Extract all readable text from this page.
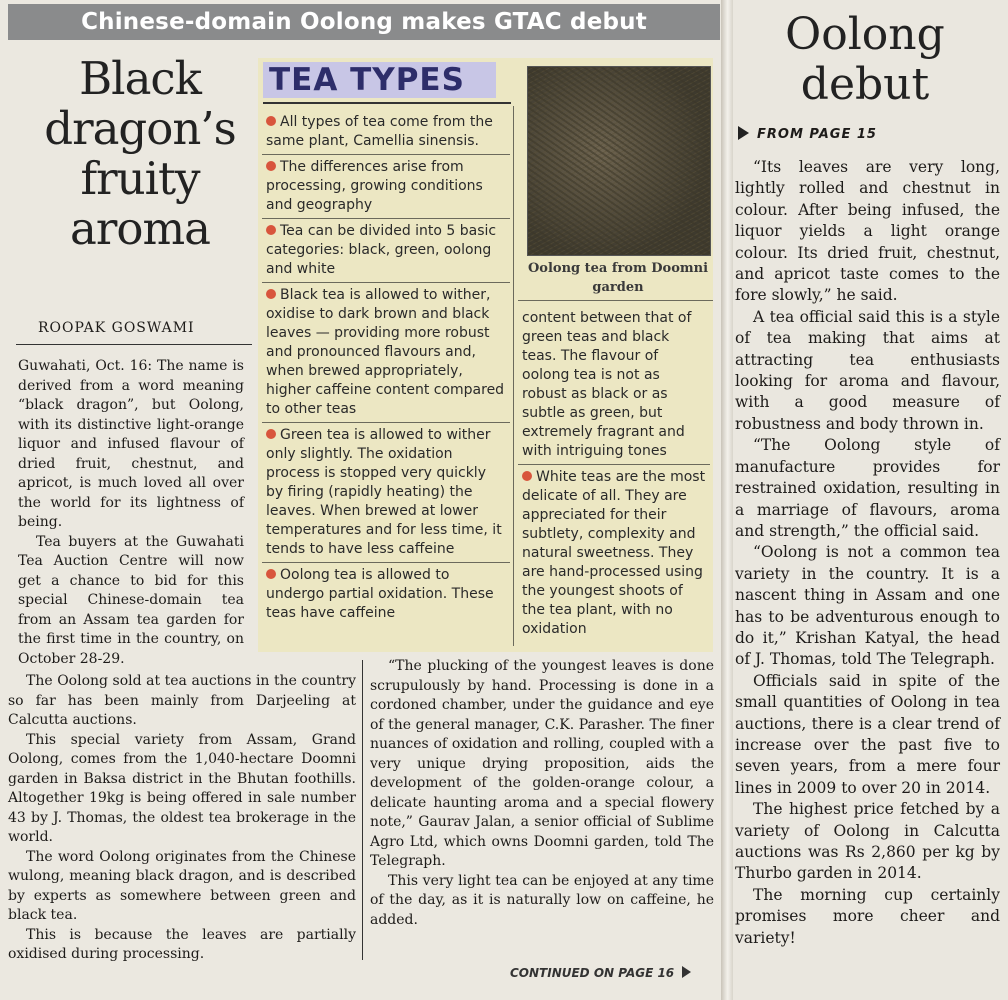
Chinese-domain Oolong makes GTAC debut
Black
dragon’s
fruity
aroma
ROOPAK GOSWAMI

Guwahati, Oct. 16: The name is derived from a word meaning “black dragon”, but Oolong, with its distinctive light-orange liquor and infused flavour of dried fruit, chestnut, and apricot, is much loved all over the world for its lightness of being.

Tea buyers at the Guwahati Tea Auction Centre will now get a chance to bid for this special Chinese-domain tea from an Assam tea garden for the first time in the country, on October 28-29.

The Oolong sold at tea auctions in the country so far has been mainly from Darjeeling at Calcutta auctions.

This special variety from Assam, Grand Oolong, comes from the 1,040-hectare Doomni garden in Baksa district in the Bhutan foothills. Altogether 19kg is being offered in sale number 43 by J. Thomas, the oldest tea brokerage in the world.

The word Oolong originates from the Chinese wulong, meaning black dragon, and is described by experts as somewhere between green and black tea.

This is because the leaves are partially oxidised during processing.

“The plucking of the youngest leaves is done scrupulously by hand. Processing is done in a cordoned chamber, under the guidance and eye of the general manager, C.K. Parasher. The finer nuances of oxidation and rolling, coupled with a very unique drying proposition, aids the development of the golden-orange colour, a delicate haunting aroma and a special flowery note,” Gaurav Jalan, a senior official of Sublime Agro Ltd, which owns Doomni garden, told The Telegraph.

This very light tea can be enjoyed at any time of the day, as it is naturally low on caffeine, he added.

CONTINUED ON PAGE 16
TEA TYPES
All types of tea come from the same plant, Camellia sinensis.
The differences arise from processing, growing conditions and geography
Tea can be divided into 5 basic categories: black, green, oolong and white
Black tea is allowed to wither, oxidise to dark brown and black leaves — providing more robust and pronounced flavours and, when brewed appropriately, higher caffeine content compared to other teas
Green tea is allowed to wither only slightly. The oxidation process is stopped very quickly by firing (rapidly heating) the leaves. When brewed at lower temperatures and for less time, it tends to have less caffeine
Oolong tea is allowed to undergo partial oxidation. These teas have caffeine
Oolong tea from Doomni garden
content between that of green teas and black teas. The flavour of oolong tea is not as robust as black or as subtle as green, but extremely fragrant and with intriguing tones
White teas are the most delicate of all. They are appreciated for their subtlety, complexity and natural sweetness. They are hand-processed using the youngest shoots of the tea plant, with no oxidation
Oolong
debut
FROM PAGE 15

“Its leaves are very long, lightly rolled and chestnut in colour. After being infused, the liquor yields a light orange colour. Its dried fruit, chestnut, and apricot taste comes to the fore slowly,” he said.

A tea official said this is a style of tea making that aims at attracting tea enthusiasts looking for aroma and flavour, with a good measure of robustness and body thrown in.

“The Oolong style of manufacture provides for restrained oxidation, resulting in a marriage of flavours, aroma and strength,” the official said.

“Oolong is not a common tea variety in the country. It is a nascent thing in Assam and one has to be adventurous enough to do it,” Krishan Katyal, the head of J. Thomas, told The Telegraph.

Officials said in spite of the small quantities of Oolong in tea auctions, there is a clear trend of increase over the past five to seven years, from a mere four lines in 2009 to over 20 in 2014.

The highest price fetched by a variety of Oolong in Calcutta auctions was Rs 2,860 per kg by Thurbo garden in 2014.

The morning cup certainly promises more cheer and variety!
